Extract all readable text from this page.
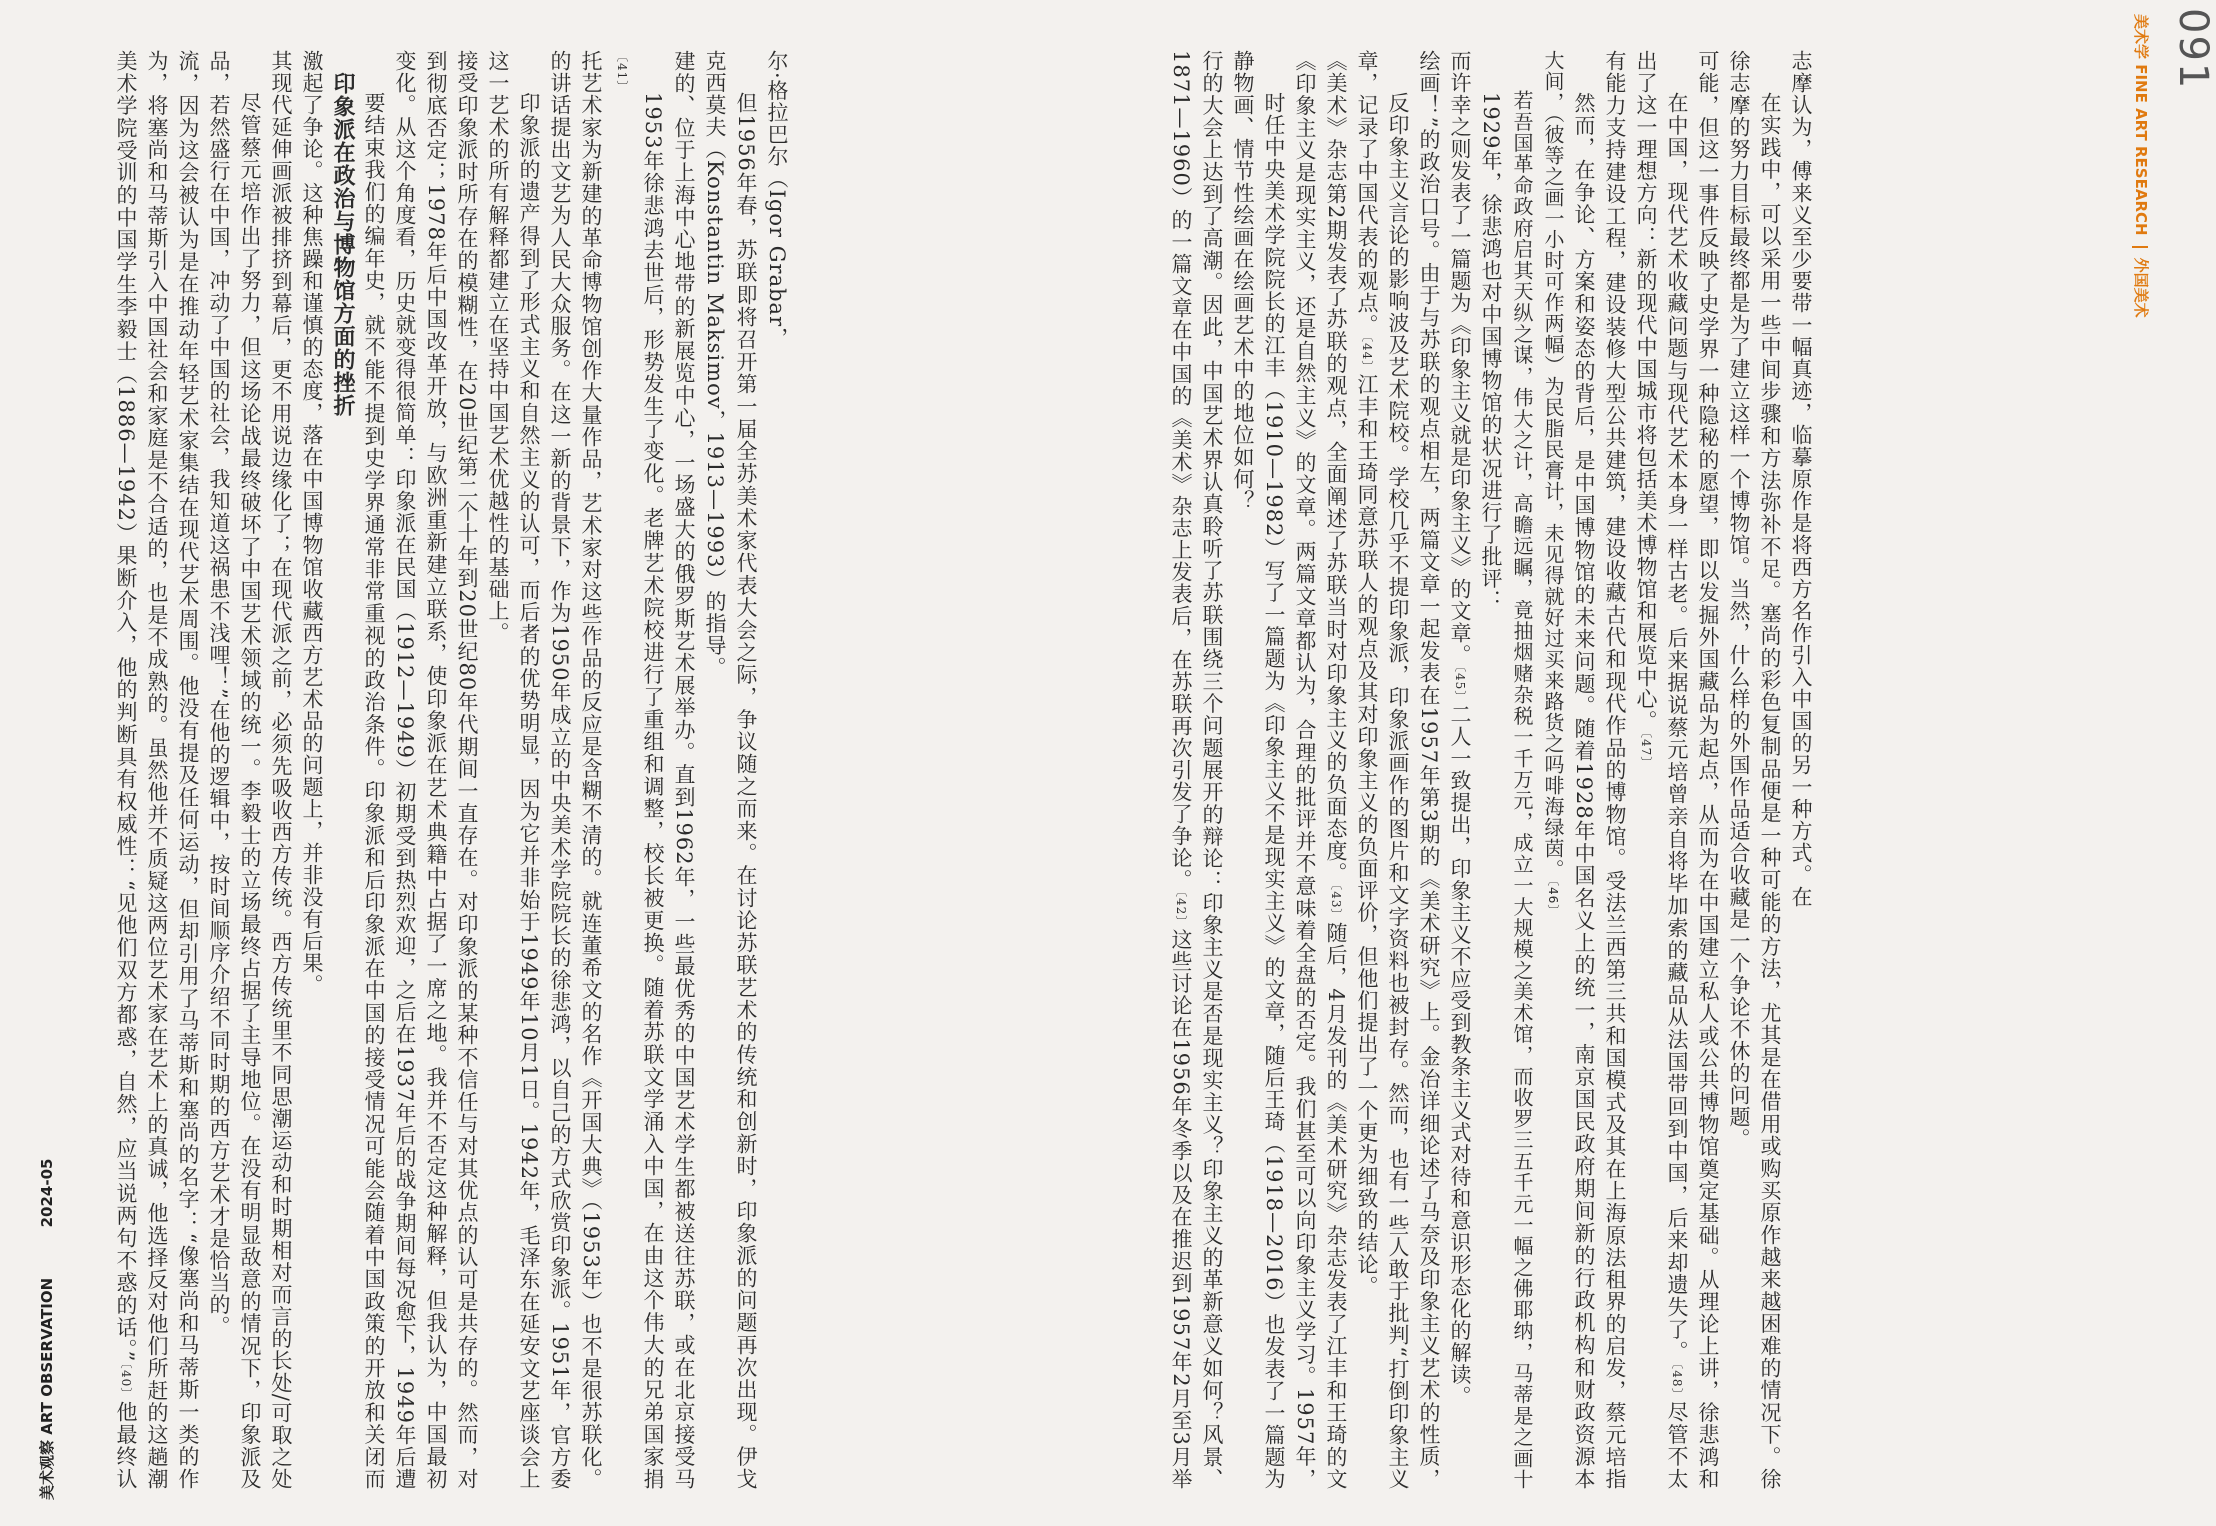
美术观察 ART OBSERVATION  2024-05
美术学 FINE ART RESEARCH外国美术
091

美术学院受训的中国学生李毅士（1886—1942）果断介入，他的判断具有权威性：“见他们双方都惑，自然，应当说两句不惑的话。”〔40〕他最终认为，将塞尚和马蒂斯引入中国社会和家庭是不合适的，也是不成熟的。虽然他并不质疑这两位艺术家在艺术上的真诚，他选择反对他们所赶的这趟潮流，因为这会被认为是在推动年轻艺术家集结在现代艺术周围。他没有提及任何运动，但却引用了马蒂斯和塞尚的名字：“像塞尚和马蒂斯一类的作品，若然盛行在中国，冲动了中国的社会，我知道这祸患不浅哩！”在他的逻辑中，按时间顺序介绍不同时期的西方艺术才是恰当的。 尽管蔡元培作出了努力，但这场论战最终破坏了中国艺术领域的统一。李毅士的立场最终占据了主导地位。在没有明显敌意的情况下，印象派及其现代延伸画派被排挤到幕后，更不用说边缘化了；在现代派之前，必须先吸收西方传统。西方传统里不同思潮运动和时期相对而言的长处/可取之处激起了争论。这种焦躁和谨慎的态度，落在中国博物馆收藏西方艺术品的问题上，并非没有后果。 印象派在政治与博物馆方面的挫折 要结束我们的编年史，就不能不提到史学界通常非常重视的政治条件。印象派和后印象派在中国的接受情况可能会随着中国政策的开放和关闭而变化。从这个角度看，历史就变得很简单：印象派在民国（1912—1949）初期受到热烈欢迎，之后在1937年后的战争期间每况愈下，1949年后遭到彻底否定；1978年后中国改革开放，与欧洲重新建立联系，使印象派在艺术典籍中占据了一席之地。我并不否定这种解释，但我认为，中国最初接受印象派时所存在的模糊性，在20世纪第二个十年到20世纪80年代期间一直存在。对印象派的某种不信任与对其优点的认可是共存的。然而，对这一艺术的所有解释都建立在坚持中国艺术优越性的基础上。 印象派的遗产得到了形式主义和自然主义的认可，而后者的优势明显，因为它并非始于1949年10月1日。1942年，毛泽东在延安文艺座谈会上的讲话提出文艺为人民大众服务。在这一新的背景下，作为1950年成立的中央美术学院院长的徐悲鸿，以自己的方式欣赏印象派。1951年，官方委托艺术家为新建的革命博物馆创作大量作品，艺术家对这些作品的反应是含糊不清的。就连董希文的名作《开国大典》（1953年）也不是很苏联化。 〔41〕

1953年徐悲鸿去世后，形势发生了变化。老牌艺术院校进行了重组和调整，校长被更换。随着苏联文学涌入中国，在由这个伟大的兄弟国家捐建的、位于上海中心地带的新展览中心，一场盛大的俄罗斯艺术展举办。直到1962年，一些最优秀的中国艺术学生都被送往苏联，或在北京接受马克西莫夫（Konstantin Maksimov，1913—1993）的指导。 但1956年春，苏联即将召开第一届全苏美术家代表大会之际，争议随之而来。在讨论苏联艺术的传统和创新时，印象派的问题再次出现。伊戈尔·格拉巴尔（Igor Grabar，	1871—1960）的一篇文章在中国的《美术》杂志上发表后，在苏联再次引发了争论。〔42〕这些讨论在1956年冬季以及在推迟到1957年2月至3月举行的大会上达到了高潮。因此，中国艺术界认真聆听了苏联围绕三个问题展开的辩论：印象主义是否是现实主义？印象主义的革新意义如何？风景、静物画、情节性绘画在绘画艺术中的地位如何？ 时任中央美术学院院长的江丰（1910—1982）写了一篇题为《印象主义不是现实主义》的文章，随后王琦（1918—2016）也发表了一篇题为《印象主义是现实主义，还是自然主义》的文章。两篇文章都认为，合理的批评并不意味着全盘的否定。我们甚至可以向印象主义学习。1957年，《美术》杂志第2期发表了苏联的观点，全面阐述了苏联当时对印象主义的负面态度。〔43〕随后，4月发刊的《美术研究》杂志发表了江丰和王琦的文章，记录了中国代表的观点。〔44〕江丰和王琦同意苏联人的观点及其对印象主义的负面评价，但他们提出了一个更为细致的结论。 反印象主义言论的影响波及艺术院校。学校几乎不提印象派，印象派画作的图片和文字资料也被封存。然而，也有一些人敢于批判“打倒印象主义绘画！”的政治口号。由于与苏联的观点相左，两篇文章一起发表在1957年第3期的《美术研究》上。金冶详细论述了马奈及印象主义艺术的性质，而许幸之则发表了一篇题为《印象主义就是印象主义》的文章。〔45〕二人一致提出，印象主义不应受到教条主义式对待和意识形态化的解读。

1929年，徐悲鸿也对中国博物馆的状况进行了批评： 若吾国革命政府启其天纵之谋，伟大之计，高瞻远瞩，竟抽烟赌杂税一千万元，成立一大规模之美术馆，而收罗三五千元一幅之佛耶纳，马蒂是之画十大间，（彼等之画一小时可作两幅）为民脂民膏计，未见得就好过买来路货之吗啡海绿茵。〔46〕 然而，在争论、方案和姿态的背后，是中国博物馆的未来问题。随着1928年中国名义上的统一，南京国民政府期间新的行政机构和财政资源本有能力支持建设工程，建设装修大型公共建筑，建设收藏古代和现代作品的博物馆。受法兰西第三共和国模式及其在上海原法租界的启发，蔡元培指出了这一理想方向：新的现代中国城市将包括美术博物馆和展览中心。〔47〕 在中国，现代艺术收藏问题与现代艺术本身一样古老。后来据说蔡元培曾亲自将毕加索的藏品从法国带回到中国，后来却遗失了。〔48〕尽管不太可能，但这一事件反映了史学界一种隐秘的愿望，即以发掘外国藏品为起点，从而为在中国建立私人或公共博物馆奠定基础。从理论上讲，徐悲鸿和徐志摩的努力目标最终都是为了建立这样一个博物馆。当然，什么样的外国作品适合收藏是一个争论不休的问题。 在实践中，可以采用一些中间步骤和方法弥补不足。塞尚的彩色复制品便是一种可能的方法，尤其是在借用或购买原作越来越困难的情况下。徐志摩认为，傅来义至少要带一幅真迹，临摹原作是将西方名作引入中国的另一种方式。在
